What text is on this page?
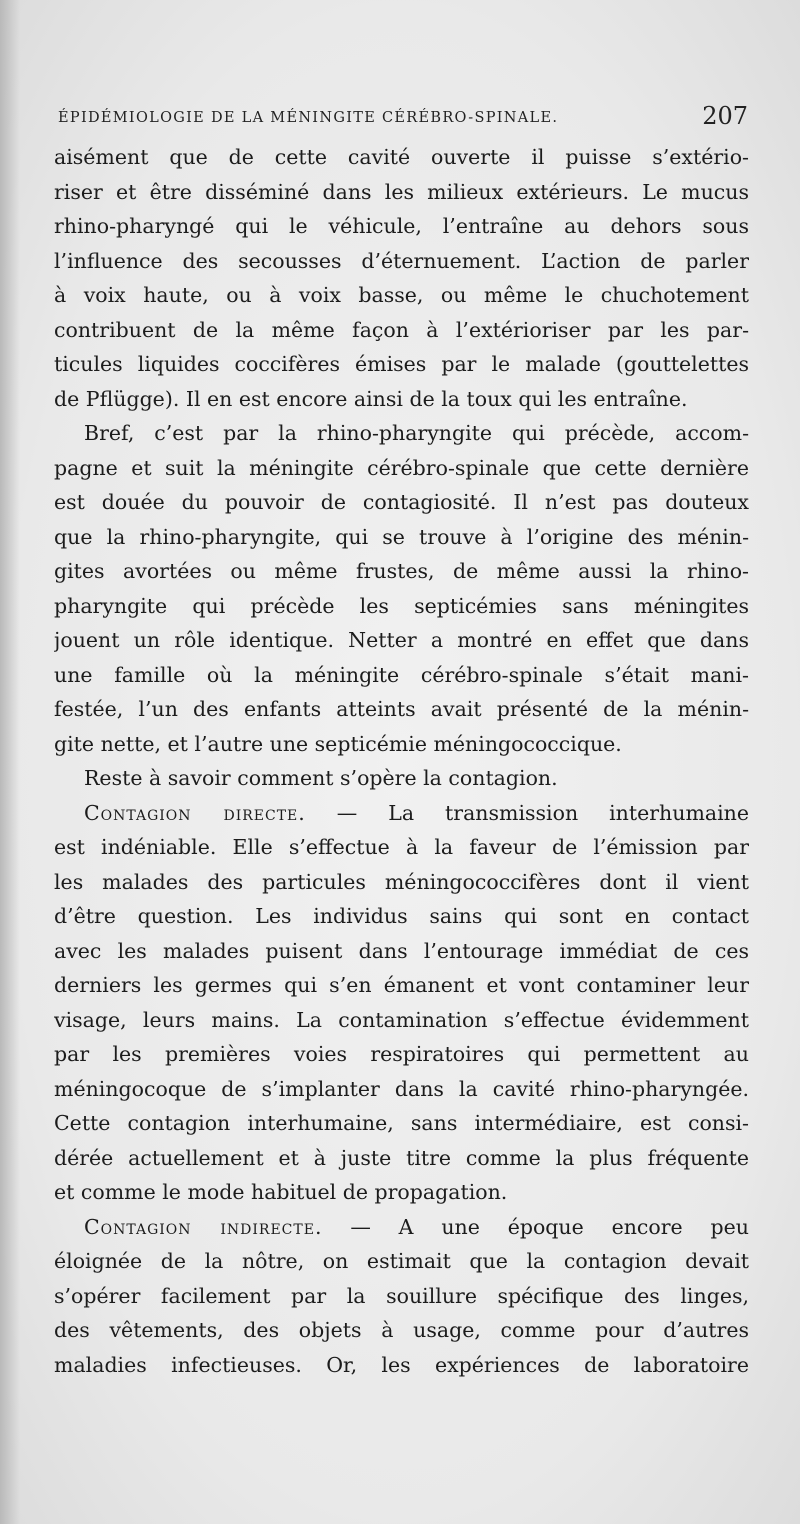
ÉPIDÉMIOLOGIE DE LA MÉNINGITE CÉRÉBRO-SPINALE.	207
aisément que de cette cavité ouverte il puisse s’extério-
riser et être disséminé dans les milieux extérieurs. Le mucus
rhino-pharyngé qui le véhicule, l’entraîne au dehors sous
l’influence des secousses d’éternuement. L’action de parler
à voix haute, ou à voix basse, ou même le chuchotement
contribuent de la même façon à l’extérioriser par les par-
ticules liquides coccifères émises par le malade (gouttelettes
de Pflügge). Il en est encore ainsi de la toux qui les entraîne.
Bref, c’est par la rhino-pharyngite qui précède, accom-
pagne et suit la méningite cérébro-spinale que cette dernière
est douée du pouvoir de contagiosité. Il n’est pas douteux
que la rhino-pharyngite, qui se trouve à l’origine des ménin-
gites avortées ou même frustes, de même aussi la rhino-
pharyngite qui précède les septicémies sans méningites
jouent un rôle identique. Netter a montré en effet que dans
une famille où la méningite cérébro-spinale s’était mani-
festée, l’un des enfants atteints avait présenté de la ménin-
gite nette, et l’autre une septicémie méningococcique.
Reste à savoir comment s’opère la contagion.
Contagion directe. — La transmission interhumaine
est indéniable. Elle s’effectue à la faveur de l’émission par
les malades des particules méningococcifères dont il vient
d’être question. Les individus sains qui sont en contact
avec les malades puisent dans l’entourage immédiat de ces
derniers les germes qui s’en émanent et vont contaminer leur
visage, leurs mains. La contamination s’effectue évidemment
par les premières voies respiratoires qui permettent au
méningocoque de s’implanter dans la cavité rhino-pharyngée.
Cette contagion interhumaine, sans intermédiaire, est consi-
dérée actuellement et à juste titre comme la plus fréquente
et comme le mode habituel de propagation.
Contagion indirecte. — A une époque encore peu
éloignée de la nôtre, on estimait que la contagion devait
s’opérer facilement par la souillure spécifique des linges,
des vêtements, des objets à usage, comme pour d’autres
maladies infectieuses. Or, les expériences de laboratoire
